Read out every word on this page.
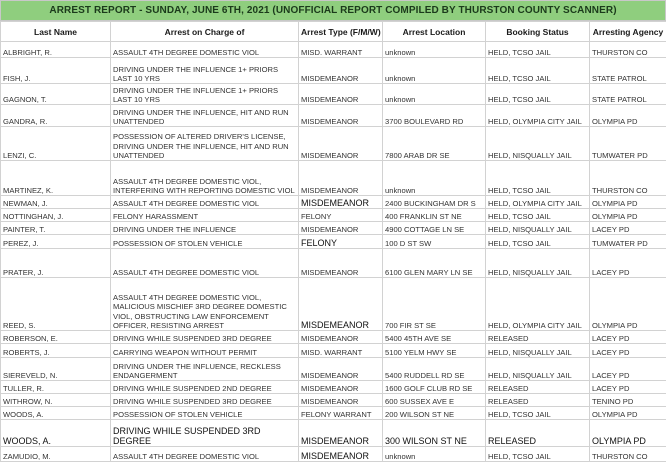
ARREST REPORT - SUNDAY, JUNE 6TH, 2021 (UNOFFICIAL REPORT COMPILED BY THURSTON COUNTY SCANNER)
Last Name	Arrest on Charge of	Arrest Type (F/M/W)	Arrest Location	Booking Status	Arresting Agency
ALBRIGHT, R.	ASSAULT 4TH DEGREE DOMESTIC VIOL	MISD. WARRANT	unknown	HELD, TCSO JAIL	THURSTON CO
FISH, J.	DRIVING UNDER THE INFLUENCE 1+ PRIORS LAST 10 YRS	MISDEMEANOR	unknown	HELD, TCSO JAIL	STATE PATROL
GAGNON, T.	DRIVING UNDER THE INFLUENCE 1+ PRIORS LAST 10 YRS	MISDEMEANOR	unknown	HELD, TCSO JAIL	STATE PATROL
GANDRA, R.	DRIVING UNDER THE INFLUENCE, HIT AND RUN UNATTENDED	MISDEMEANOR	3700 BOULEVARD RD	HELD, OLYMPIA CITY JAIL	OLYMPIA PD
LENZI, C.	POSSESSION OF ALTERED DRIVER'S LICENSE, DRIVING UNDER THE INFLUENCE, HIT AND RUN UNATTENDED	MISDEMEANOR	7800 ARAB DR SE	HELD, NISQUALLY JAIL	TUMWATER PD
MARTINEZ, K.	ASSAULT 4TH DEGREE DOMESTIC VIOL, INTERFERING WITH REPORTING DOMESTIC VIOL	MISDEMEANOR	unknown	HELD, TCSO JAIL	THURSTON CO
NEWMAN, J.	ASSAULT 4TH DEGREE DOMESTIC VIOL	MISDEMEANOR	2400 BUCKINGHAM DR S	HELD, OLYMPIA CITY JAIL	OLYMPIA PD
NOTTINGHAN, J.	FELONY HARASSMENT	FELONY	400 FRANKLIN ST NE	HELD, TCSO JAIL	OLYMPIA PD
PAINTER, T.	DRIVING UNDER THE INFLUENCE	MISDEMEANOR	4900 COTTAGE LN SE	HELD, NISQUALLY JAIL	LACEY PD
PEREZ, J.	POSSESSION OF STOLEN VEHICLE	FELONY	100 D ST SW	HELD, TCSO JAIL	TUMWATER PD
PRATER, J.	ASSAULT 4TH DEGREE DOMESTIC VIOL	MISDEMEANOR	6100 GLEN MARY LN SE	HELD, NISQUALLY JAIL	LACEY PD
REED, S.	ASSAULT 4TH DEGREE DOMESTIC VIOL, MALICIOUS MISCHIEF 3RD DEGREE DOMESTIC VIOL, OBSTRUCTING LAW ENFORCEMENT OFFICER, RESISTING ARREST	MISDEMEANOR	700 FIR ST SE	HELD, OLYMPIA CITY JAIL	OLYMPIA PD
ROBERSON, E.	DRIVING WHILE SUSPENDED 3RD DEGREE	MISDEMEANOR	5400 45TH AVE SE	RELEASED	LACEY PD
ROBERTS, J.	CARRYING WEAPON WITHOUT PERMIT	MISD. WARRANT	5100 YELM HWY SE	HELD, NISQUALLY JAIL	LACEY PD
SIEREVELD, N.	DRIVING UNDER THE INFLUENCE, RECKLESS ENDANGERMENT	MISDEMEANOR	5400 RUDDELL RD SE	HELD, NISQUALLY JAIL	LACEY PD
TULLER, R.	DRIVING WHILE SUSPENDED 2ND DEGREE	MISDEMEANOR	1600 GOLF CLUB RD SE	RELEASED	LACEY PD
WITHROW, N.	DRIVING WHILE SUSPENDED 3RD DEGREE	MISDEMEANOR	600 SUSSEX AVE E	RELEASED	TENINO PD
WOODS, A.	POSSESSION OF STOLEN VEHICLE	FELONY WARRANT	200 WILSON ST NE	HELD, TCSO JAIL	OLYMPIA PD
WOODS, A.	DRIVING WHILE SUSPENDED 3RD DEGREE	MISDEMEANOR	300 WILSON ST NE	RELEASED	OLYMPIA PD
ZAMUDIO, M.	ASSAULT 4TH DEGREE DOMESTIC VIOL	MISDEMEANOR	unknown	HELD, TCSO JAIL	THURSTON CO
